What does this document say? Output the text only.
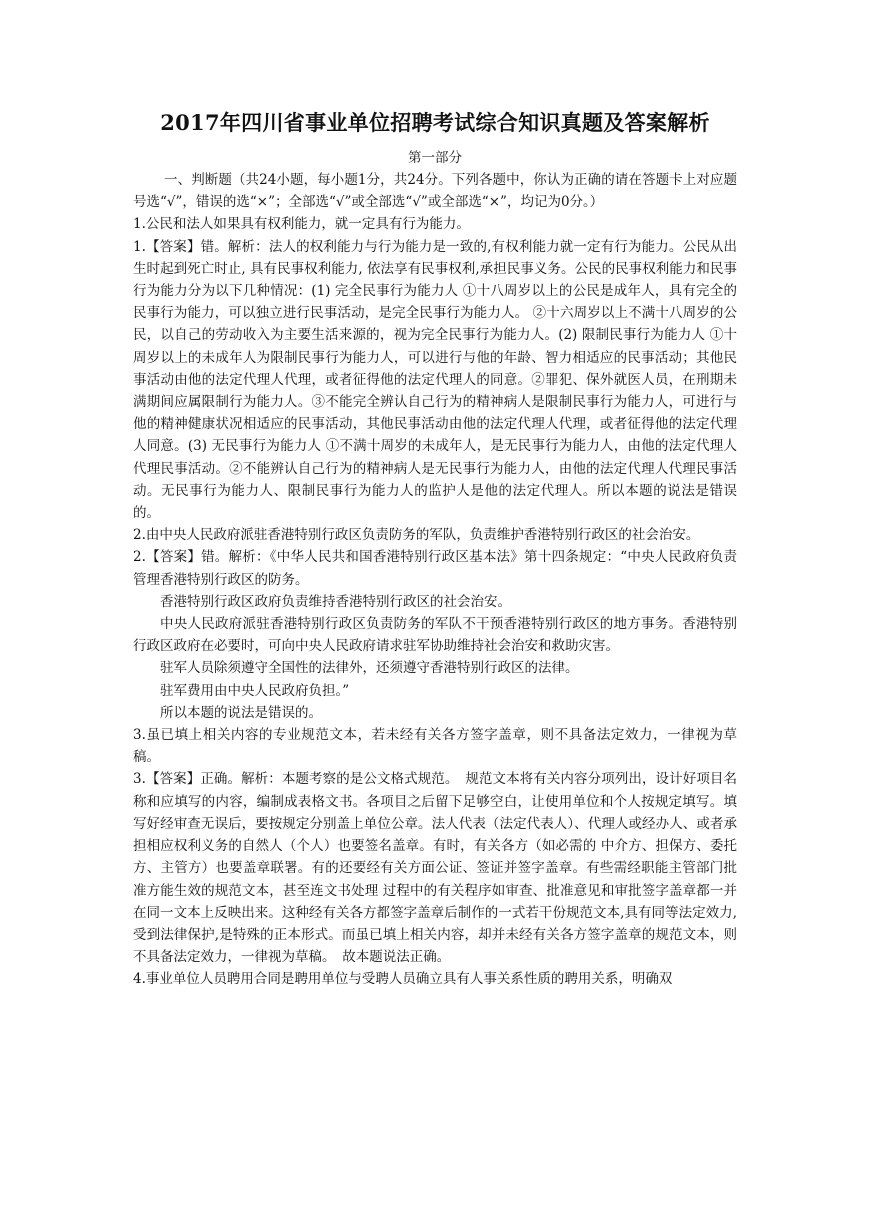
2017年四川省事业单位招聘考试综合知识真题及答案解析
第一部分

一、判断题（共24小题，每小题1分，共24分。下列各题中，你认为正确的请在答题卡上对应题号选“√”，错误的选“×”；全部选“√”或全部选“√”或全部选“×”，均记为0分。）

1.公民和法人如果具有权利能力，就一定具有行为能力。

1.【答案】错。解析：法人的权利能力与行为能力是一致的,有权利能力就一定有行为能力。公民从出生时起到死亡时止, 具有民事权利能力, 依法享有民事权利,承担民事义务。公民的民事权利能力和民事行为能力分为以下几种情况：(1) 完全民事行为能力人 ①十八周岁以上的公民是成年人，具有完全的民事行为能力，可以独立进行民事活动，是完全民事行为能力人。 ②十六周岁以上不满十八周岁的公民，以自己的劳动收入为主要生活来源的，视为完全民事行为能力人。(2) 限制民事行为能力人 ①十周岁以上的未成年人为限制民事行为能力人，可以进行与他的年龄、智力相适应的民事活动；其他民事活动由他的法定代理人代理，或者征得他的法定代理人的同意。②罪犯、保外就医人员，在刑期未满期间应属限制行为能力人。③不能完全辨认自己行为的精神病人是限制民事行为能力人，可进行与他的精神健康状况相适应的民事活动，其他民事活动由他的法定代理人代理，或者征得他的法定代理人同意。(3) 无民事行为能力人 ①不满十周岁的未成年人，是无民事行为能力人，由他的法定代理人代理民事活动。②不能辨认自己行为的精神病人是无民事行为能力人，由他的法定代理人代理民事活动。无民事行为能力人、限制民事行为能力人的监护人是他的法定代理人。所以本题的说法是错误的。

2.由中央人民政府派驻香港特别行政区负责防务的军队，负责维护香港特别行政区的社会治安。

2.【答案】错。解析：《中华人民共和国香港特别行政区基本法》第十四条规定：“中央人民政府负责管理香港特别行政区的防务。

香港特别行政区政府负责维持香港特别行政区的社会治安。

中央人民政府派驻香港特别行政区负责防务的军队不干预香港特别行政区的地方事务。香港特别行政区政府在必要时，可向中央人民政府请求驻军协助维持社会治安和救助灾害。

驻军人员除须遵守全国性的法律外，还须遵守香港特别行政区的法律。

驻军费用由中央人民政府负担。”

所以本题的说法是错误的。

3.虽已填上相关内容的专业规范文本，若未经有关各方签字盖章，则不具备法定效力，一律视为草稿。

3.【答案】正确。解析：本题考察的是公文格式规范。　规范文本将有关内容分项列出，设计好项目名称和应填写的内容，编制成表格文书。各项目之后留下足够空白，让使用单位和个人按规定填写。填写好经审查无误后，要按规定分别盖上单位公章。法人代表（法定代表人）、代理人或经办人、或者承担相应权利义务的自然人（个人）也要签名盖章。有时，有关各方（如必需的 中介方、担保方、委托方、主管方）也要盖章联署。有的还要经有关方面公证、签证并签字盖章。有些需经职能主管部门批准方能生效的规范文本，甚至连文书处理 过程中的有关程序如审查、批准意见和审批签字盖章都一并在同一文本上反映出来。这种经有关各方都签字盖章后制作的一式若干份规范文本,具有同等法定效力,受到法律保护,是特殊的正本形式。而虽已填上相关内容，却并未经有关各方签字盖章的规范文本，则不具备法定效力，一律视为草稿。　故本题说法正确。

4.事业单位人员聘用合同是聘用单位与受聘人员确立具有人事关系性质的聘用关系，明确双
